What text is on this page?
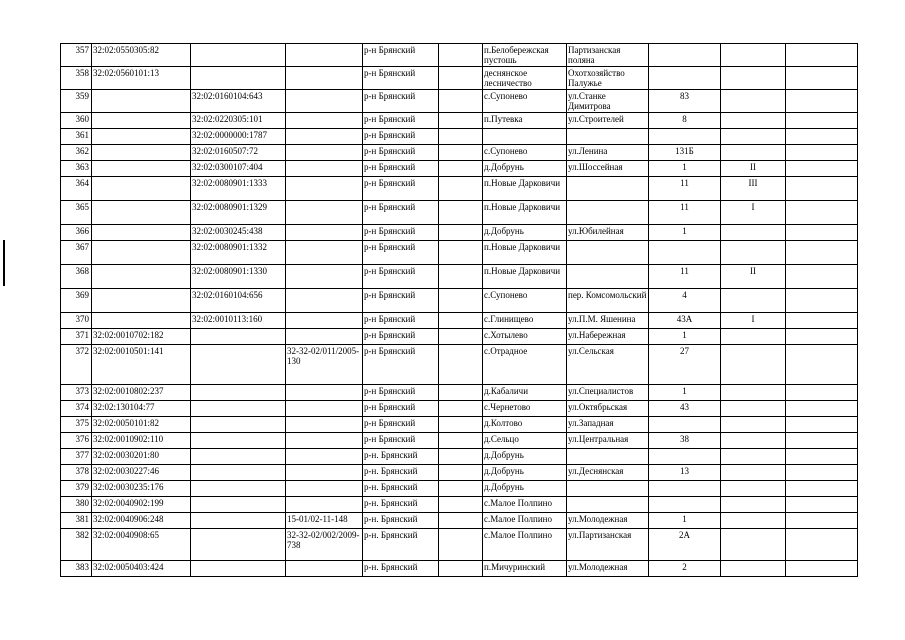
357	32:02:0550305:82			р-н Брянский		п.Белобережская пустошь	Партизанская поляна			
358	32:02:0560101:13			р-н Брянский		деснянское лесничество	Охотхозяйство Палужье			
359		32:02:0160104:643		р-н Брянский		с.Супонево	ул.Станке Димитрова	83		
360		32:02:0220305:101		р-н Брянский		п.Путевка	ул.Строителей	8		
361		32:02:0000000:1787		р-н Брянский						
362		32:02:0160507:72		р-н Брянский		с.Супонево	ул.Ленина	131Б		
363		32:02:0300107:404		р-н Брянский		д.Добрунь	ул.Шоссейная	1	II	
364		32:02:0080901:1333		р-н Брянский		п.Новые Дарковичи		11	III	
365		32:02:0080901:1329		р-н Брянский		п.Новые Дарковичи		11	I	
366		32:02:0030245:438		р-н Брянский		д.Добрунь	ул.Юбилейная	1		
367		32:02:0080901:1332		р-н Брянский		п.Новые Дарковичи				
368		32:02:0080901:1330		р-н Брянский		п.Новые Дарковичи		11	II	
369		32:02:0160104:656		р-н Брянский		с.Супонево	пер. Комсомольский	4		
370		32:02:0010113:160		р-н Брянский		с.Глинищево	ул.П.М. Яшенина	43А	I	
371	32:02:0010702:182			р-н Брянский		с.Хотылево	ул.Набережная	1		
372	32:02:0010501:141		32-32-02/011/2005-130	р-н Брянский		с.Отрадное	ул.Сельская	27		
373	32:02:0010802:237			р-н Брянский		д.Кабаличи	ул.Специалистов	1		
374	32:02:130104:77			р-н Брянский		с.Чернетово	ул.Октябрьская	43		
375	32:02:0050101:82			р-н Брянский		д.Колтово	ул.Западная			
376	32:02:0010902:110			р-н Брянский		д.Сельцо	ул.Центральная	38		
377	32:02:0030201:80			р-н. Брянский		д.Добрунь				
378	32:02:0030227:46			р-н. Брянский		д.Добрунь	ул.Деснянская	13		
379	32:02:0030235:176			р-н. Брянский		д.Добрунь				
380	32:02:0040902:199			р-н. Брянский		с.Малое Полпино				
381	32:02:0040906:248		15-01/02-11-148	р-н. Брянский		с.Малое Полпино	ул.Молодежная	1		
382	32:02:0040908:65		32-32-02/002/2009-738	р-н. Брянский		с.Малое Полпино	ул.Партизанская	2А		
383	32:02:0050403:424			р-н. Брянский		п.Мичуринский	ул.Молодежная	2		
